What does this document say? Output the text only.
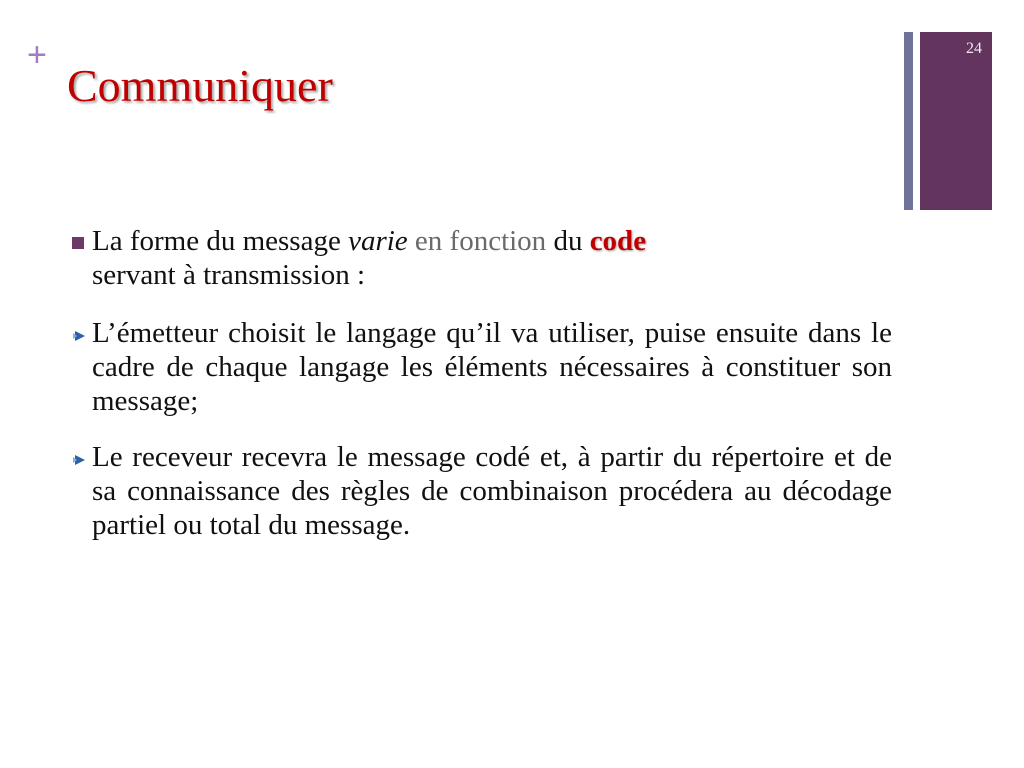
+
Communiquer
24
La forme du message varie en fonction du code
servant à transmission :
L’émetteur choisit le langage qu’il va utiliser, puise ensuite dans le cadre de chaque langage les éléments nécessaires à constituer son message;
Le receveur recevra le message codé et, à partir du répertoire et de sa connaissance des règles de combinaison procédera au décodage partiel ou total du message.
